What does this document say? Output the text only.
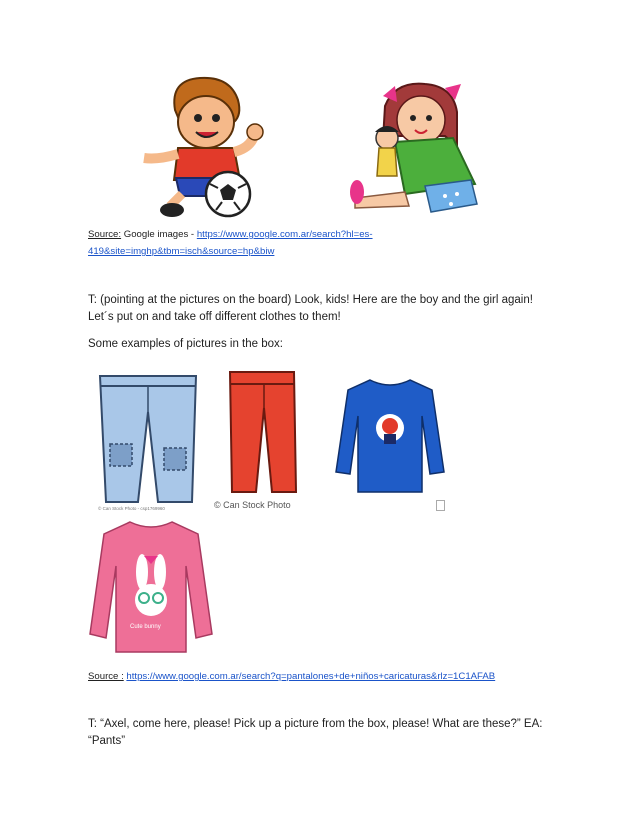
Source: Google images - https://www.google.com.ar/search?hl=es-
419&site=imghp&tbm=isch&source=hp&biw
T: (pointing at the pictures on the board) Look, kids! Here are the boy and the girl again!
Let´s put on and take off different clothes to them!
Some examples of pictures in the box:
© Can Stock Photo - csp1769960	© Can Stock Photo
Cute bunny
Source : https://www.google.com.ar/search?q=pantalones+de+niños+caricaturas&rlz=1C1AFAB
T: “Axel, come here, please! Pick up a picture from the box, please! What are these?” EA:
“Pants”
